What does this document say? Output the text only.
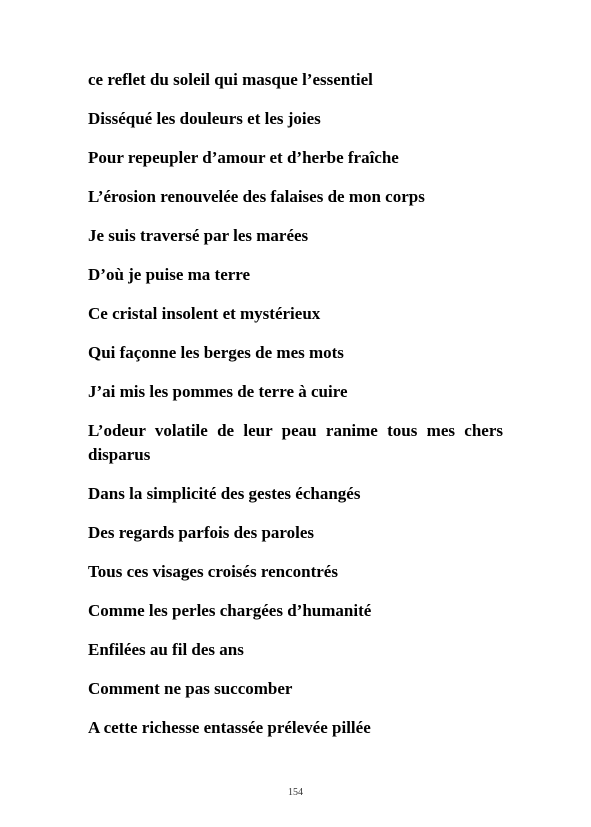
ce reflet du soleil qui masque l’essentiel
Disséqué les douleurs et les joies
Pour repeupler d’amour et d’herbe fraîche
L’érosion renouvelée des falaises de mon corps
Je suis traversé par les marées
D’où je puise ma terre
Ce cristal insolent et mystérieux
Qui façonne les berges de mes mots
J’ai mis les pommes de terre à cuire
L’odeur volatile de leur peau ranime tous mes chers disparus
Dans la simplicité des gestes échangés
Des regards parfois des paroles
Tous ces visages croisés rencontrés
Comme les perles chargées d’humanité
Enfilées au fil des ans
Comment ne pas succomber
A cette richesse entassée prélevée pillée
154
